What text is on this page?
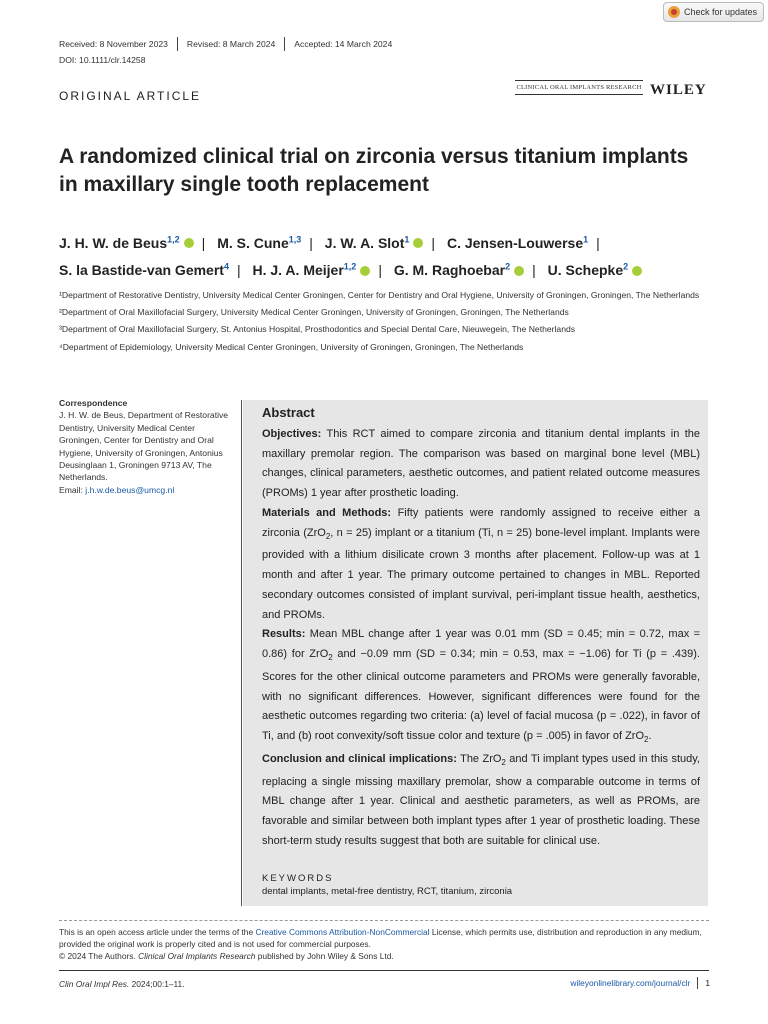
Check for updates
Received: 8 November 2023 Revised: 8 March 2024 Accepted: 14 March 2024
DOI: 10.1111/clr.14258
ORIGINAL ARTICLE
CLINICAL ORAL IMPLANTS RESEARCH WILEY
A randomized clinical trial on zirconia versus titanium implants
in maxillary single tooth replacement
J. H. W. de Beus$^{1,2}$ | M. S. Cune$^{1,3}$ | J. W. A. Slot$^1$ | C. Jensen-Louwerse$^1$ |
S. la Bastide-van Gemert$^4$ | H. J. A. Meijer$^{1,2}$ | G. M. Raghoebar$^2$ | U. Schepke$^2$

¹Department of Restorative Dentistry, University Medical Center Groningen, Center for Dentistry and Oral Hygiene, University of Groningen, Groningen, The Netherlands

²Department of Oral Maxillofacial Surgery, University Medical Center Groningen, University of Groningen, Groningen, The Netherlands

³Department of Oral Maxillofacial Surgery, St. Antonius Hospital, Prosthodontics and Special Dental Care, Nieuwegein, The Netherlands

⁴Department of Epidemiology, University Medical Center Groningen, University of Groningen, Groningen, The Netherlands

Correspondence
J. H. W. de Beus, Department of Restorative Dentistry, University Medical Center Groningen, Center for Dentistry and Oral Hygiene, University of Groningen, Antonius Deusinglaan 1, Groningen 9713 AV, The Netherlands.
Email: j.h.w.de.beus@umcg.nl
Abstract

Objectives: This RCT aimed to compare zirconia and titanium dental implants in the maxillary premolar region. The comparison was based on marginal bone level (MBL) changes, clinical parameters, aesthetic outcomes, and patient related outcome measures (PROMs) 1 year after prosthetic loading.

Materials and Methods: Fifty patients were randomly assigned to receive either a zirconia (ZrO$_2$, n = 25) implant or a titanium (Ti, n = 25) bone-level implant. Implants were provided with a lithium disilicate crown 3 months after placement. Follow-up was at 1 month and after 1 year. The primary outcome pertained to changes in MBL. Reported secondary outcomes consisted of implant survival, peri-implant tissue health, aesthetics, and PROMs.

Results: Mean MBL change after 1 year was 0.01 mm (SD = 0.45; min = 0.72, max = 0.86) for ZrO$_2$ and −0.09 mm (SD = 0.34; min = 0.53, max = −1.06) for Ti (p = .439). Scores for the other clinical outcome parameters and PROMs were generally favorable, with no significant differences. However, significant differences were found for the aesthetic outcomes regarding two criteria: (a) level of facial mucosa (p = .022), in favor of Ti, and (b) root convexity/soft tissue color and texture (p = .005) in favor of ZrO$_2$.

Conclusion and clinical implications: The ZrO$_2$ and Ti implant types used in this study, replacing a single missing maxillary premolar, show a comparable outcome in terms of MBL change after 1 year. Clinical and aesthetic parameters, as well as PROMs, are favorable and similar between both implant types after 1 year of prosthetic loading. These short-term study results suggest that both are suitable for clinical use.

KEYWORDS
dental implants, metal-free dentistry, RCT, titanium, zirconia
This is an open access article under the terms of the Creative Commons Attribution-NonCommercial License, which permits use, distribution and reproduction in any medium, provided the original work is properly cited and is not used for commercial purposes.
© 2024 The Authors. Clinical Oral Implants Research published by John Wiley & Sons Ltd.
Clin Oral Impl Res. 2024;00:1–11.	wileyonlinelibrary.com/journal/clr 1
